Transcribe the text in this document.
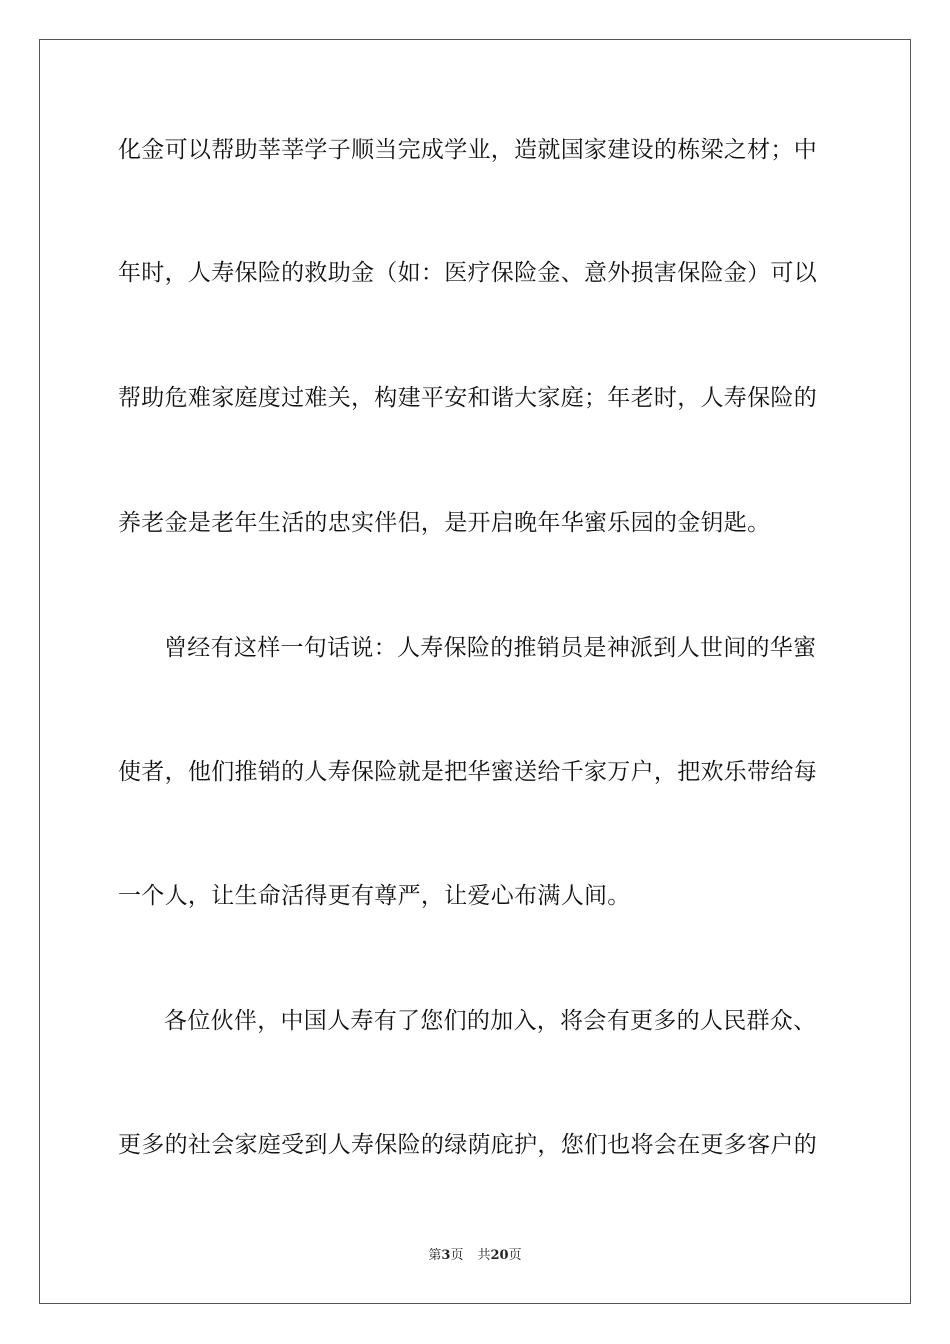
化金可以帮助莘莘学子顺当完成学业，造就国家建设的栋梁之材；中
年时，人寿保险的救助金（如：医疗保险金、意外损害保险金）可以
帮助危难家庭度过难关，构建平安和谐大家庭；年老时，人寿保险的
养老金是老年生活的忠实伴侣，是开启晚年华蜜乐园的金钥匙。
曾经有这样一句话说：人寿保险的推销员是神派到人世间的华蜜
使者，他们推销的人寿保险就是把华蜜送给千家万户，把欢乐带给每
一个人，让生命活得更有尊严，让爱心布满人间。
各位伙伴，中国人寿有了您们的加入，将会有更多的人民群众、
更多的社会家庭受到人寿保险的绿荫庇护，您们也将会在更多客户的
第3页 共20页
